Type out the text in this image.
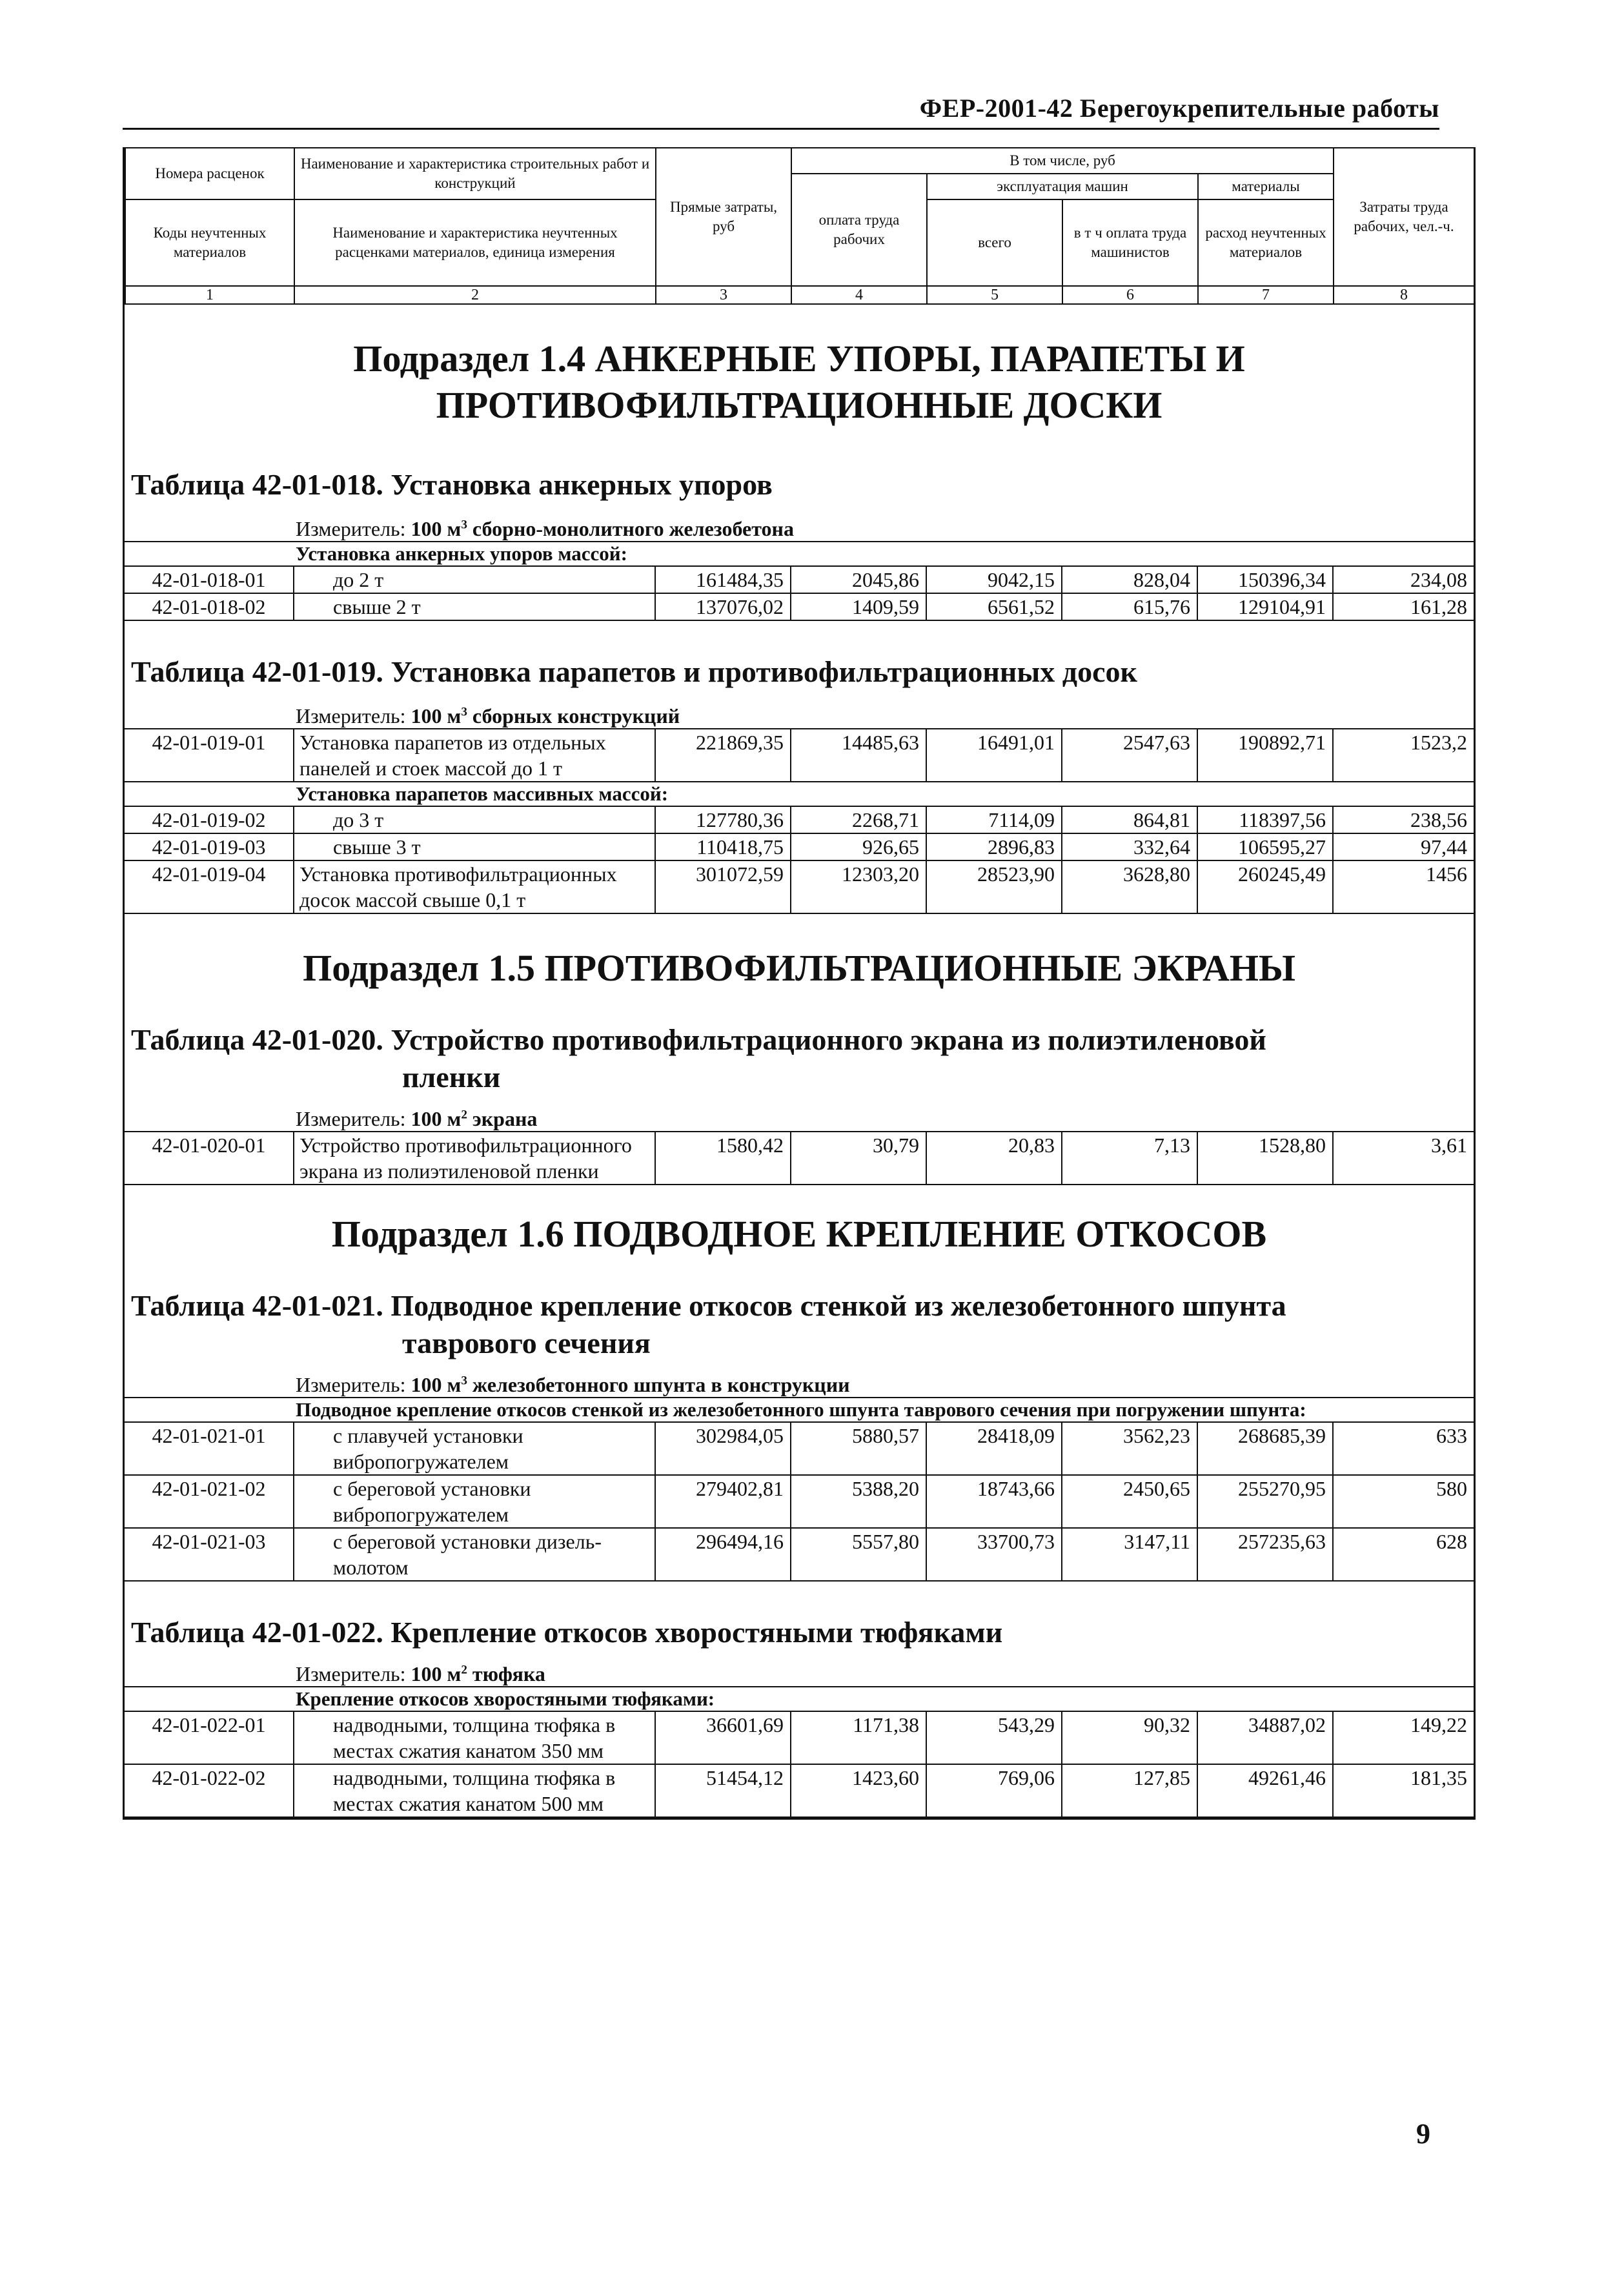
ФЕР-2001-42 Берегоукрепительные работы
Номера расценок	Наименование и характеристика строительных работ и конструкций	Прямые затраты, руб	В том числе, руб				Затраты труда рабочих, чел.-ч.
			оплата труда рабочих	эксплуатация машин		материалы	
Коды неучтенных материалов	Наименование и характеристика неучтенных расценками материалов, единица измерения			всего	в т ч оплата труда машинистов	расход неучтенных материалов	

1	2	3	4	5	6	7	8
Подраздел 1.4 АНКЕРНЫЕ УПОРЫ, ПАРАПЕТЫ И
ПРОТИВОФИЛЬТРАЦИОННЫЕ ДОСКИ
Таблица 42-01-018. Установка анкерных упоров
Измеритель: 100 $м^3$ сборно-монолитного железобетона
Установка анкерных упоров массой:
42-01-018-01	до 2 т	161484,35	2045,86	9042,15	828,04	150396,34	234,08
42-01-018-02	свыше 2 т	137076,02	1409,59	6561,52	615,76	129104,91	161,28
Таблица 42-01-019. Установка парапетов и противофильтрационных досок
Измеритель: 100 $м^3$ сборных конструкций
42-01-019-01	Установка парапетов из отдельных панелей и стоек массой до 1 т	221869,35	14485,63	16491,01	2547,63	190892,71	1523,2
Установка парапетов массивных массой:
42-01-019-02	до 3 т	127780,36	2268,71	7114,09	864,81	118397,56	238,56
42-01-019-03	свыше 3 т	110418,75	926,65	2896,83	332,64	106595,27	97,44
42-01-019-04	Установка противофильтрационных досок массой свыше 0,1 т	301072,59	12303,20	28523,90	3628,80	260245,49	1456
Подраздел 1.5 ПРОТИВОФИЛЬТРАЦИОННЫЕ ЭКРАНЫ
Таблица 42-01-020. Устройство противофильтрационного экрана из полиэтиленовой
пленки
Измеритель: 100 $м^2$ экрана
42-01-020-01	Устройство противофильтрационного экрана из полиэтиленовой пленки	1580,42	30,79	20,83	7,13	1528,80	3,61
Подраздел 1.6 ПОДВОДНОЕ КРЕПЛЕНИЕ ОТКОСОВ
Таблица 42-01-021. Подводное крепление откосов стенкой из железобетонного шпунта
таврового сечения
Измеритель: 100 $м^3$ железобетонного шпунта в конструкции
Подводное крепление откосов стенкой из железобетонного шпунта таврового сечения при погружении шпунта:
42-01-021-01	с плавучей установки вибропогружателем	302984,05	5880,57	28418,09	3562,23	268685,39	633
42-01-021-02	с береговой установки вибропогружателем	279402,81	5388,20	18743,66	2450,65	255270,95	580
42-01-021-03	с береговой установки дизель-молотом	296494,16	5557,80	33700,73	3147,11	257235,63	628
Таблица 42-01-022. Крепление откосов хворостяными тюфяками
Измеритель: 100 $м^2$ тюфяка
Крепление откосов хворостяными тюфяками:
42-01-022-01	надводными, толщина тюфяка в местах сжатия канатом 350 мм	36601,69	1171,38	543,29	90,32	34887,02	149,22
42-01-022-02	надводными, толщина тюфяка в местах сжатия канатом 500 мм	51454,12	1423,60	769,06	127,85	49261,46	181,35
9
